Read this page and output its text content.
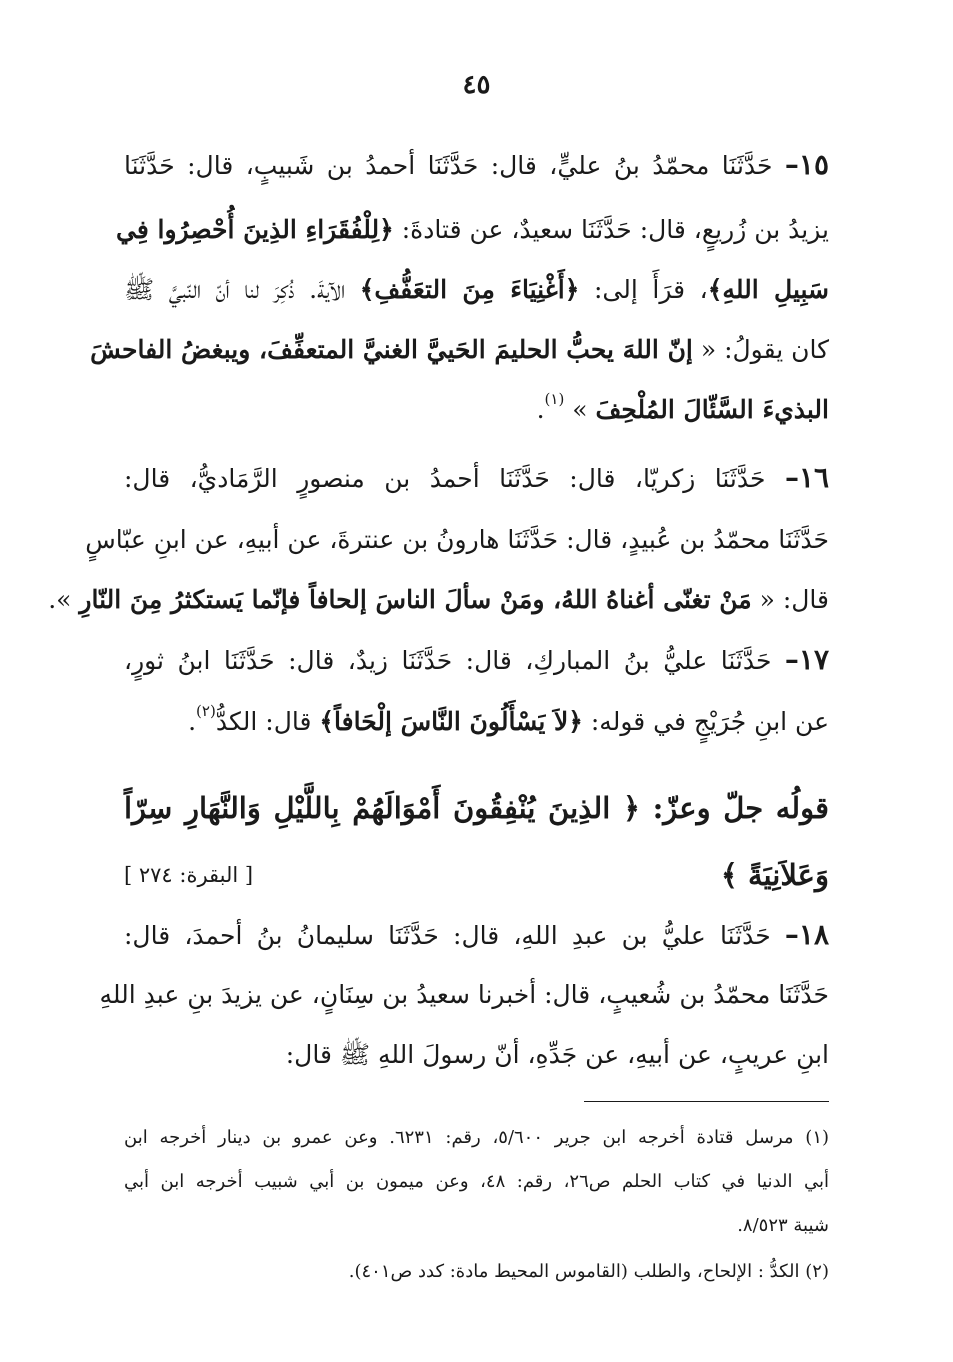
٤٥
١٥– حَدَّثَنَا محمّدُ بنُ عليٍّ، قال: حَدَّثَنَا أحمدُ بن شَبيبٍ، قال: حَدَّثَنَا
يزيدُ بن زُريعٍ، قال: حَدَّثَنَا سعيدٌ، عن قتادةَ: ﴿لِلْفُقَرَاءِ الذِينَ أُحْصِرُوا فِي
سَبِيلِ اللهِ﴾، قرَأَ إلى: ﴿أَغْنِيَاءَ مِنَ التعَفُّفِ﴾ الآيةَ. ذُكِرَ لنا أنّ النّبيَّ ﷺ
كان يقولُ: « إنّ اللهَ يحبُّ الحليمَ الحَييَّ الغنيَّ المتعفِّفَ، ويبغضُ الفاحشَ
البذيءَ السَّئّالَ المُلْحِفَ » $^{(١)}$.
١٦– حَدَّثَنَا زكريّا، قال: حَدَّثَنَا أحمدُ بن منصورٍ الرَّمَاديُّ، قال:
حَدَّثَنَا محمّدُ بن عُبيدٍ، قال: حَدَّثَنَا هارونُ بن عنترةَ، عن أبيهِ، عن ابنِ عبّاسٍ
قال: « مَنْ تغنّى أغناهُ اللهُ، ومَنْ سألَ الناسَ إلحافاً فإنّما يَستكثرُ مِنَ النّارِ ».
١٧– حَدَّثَنَا عليُّ بنُ المباركِ، قال: حَدَّثَنَا زيدٌ، قال: حَدَّثَنَا ابنُ ثورٍ،
عن ابنِ جُرَيْجٍ في قوله: ﴿لاَ يَسْأَلُونَ النَّاسَ إلْحَافاً﴾ قال: الكدُّ$^{(٢)}$.
قولُه جلّ وعزّ: ﴿ الذِينَ يُنْفِقُونَ أَمْوَالَهُمْ بِاللَّيْلِ وَالنَّهَارِ سِرّاً
وَعَلاَنِيَةً ﴾
[ البقرة: ٢٧٤ ]
١٨– حَدَّثَنَا عليُّ بن عبدِ اللهِ، قال: حَدَّثَنَا سليمانُ بنُ أحمدَ، قال:
حَدَّثَنَا محمّدُ بن شُعيبٍ، قال: أخبرنا سعيدُ بن سِنَانٍ، عن يزيدَ بنِ عبدِ اللهِ
ابنِ عريبٍ، عن أبيهِ، عن جَدِّهِ، أنّ رسولَ اللهِ ﷺ قال:
(١) مرسل قتادة أخرجه ابن جرير ٥/٦٠٠، رقم: ٦٢٣١. وعن عمرو بن دينار أخرجه ابن
أبي الدنيا في كتاب الحلم ص٢٦، رقم: ٤٨، وعن ميمون بن أبي شبيب أخرجه ابن أبي
شيبة ٨/٥٢٣.
(٢) الكدُّ : الإلحاح، والطلب (القاموس المحيط مادة: كدد ص٤٠١).
